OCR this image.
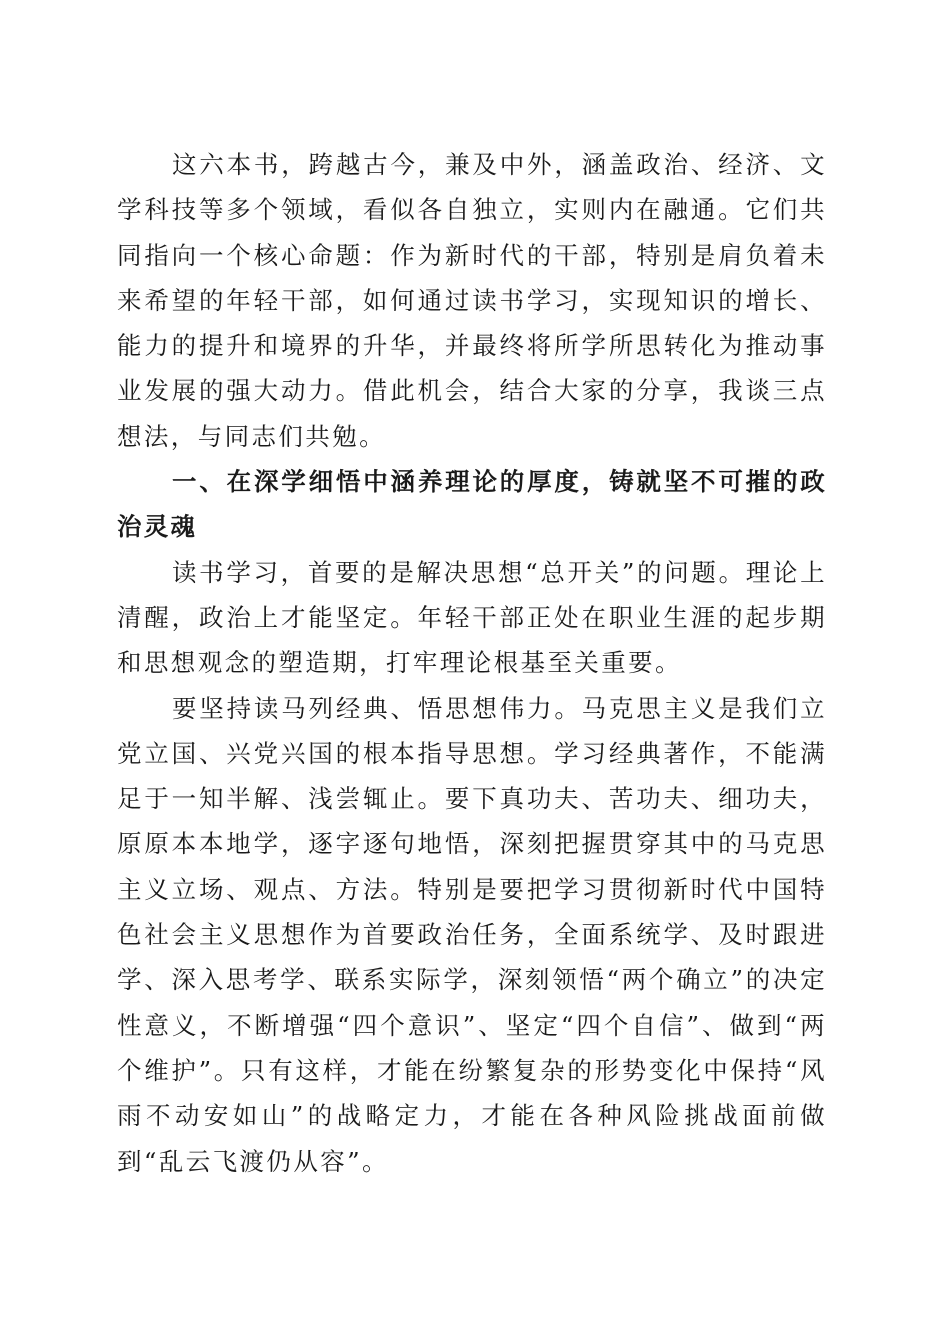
这六本书，跨越古今，兼及中外，涵盖政治、经济、文学科技等多个领域，看似各自独立，实则内在融通。它们共同指向一个核心命题：作为新时代的干部，特别是肩负着未来希望的年轻干部，如何通过读书学习，实现知识的增长、能力的提升和境界的升华，并最终将所学所思转化为推动事业发展的强大动力。借此机会，结合大家的分享，我谈三点想法，与同志们共勉。

一、在深学细悟中涵养理论的厚度，铸就坚不可摧的政治灵魂

读书学习，首要的是解决思想“总开关”的问题。理论上清醒，政治上才能坚定。年轻干部正处在职业生涯的起步期和思想观念的塑造期，打牢理论根基至关重要。

要坚持读马列经典、悟思想伟力。马克思主义是我们立党立国、兴党兴国的根本指导思想。学习经典著作，不能满足于一知半解、浅尝辄止。要下真功夫、苦功夫、细功夫，原原本本地学，逐字逐句地悟，深刻把握贯穿其中的马克思主义立场、观点、方法。特别是要把学习贯彻新时代中国特色社会主义思想作为首要政治任务，全面系统学、及时跟进学、深入思考学、联系实际学，深刻领悟“两个确立”的决定性意义，不断增强“四个意识”、坚定“四个自信”、做到“两个维护”。只有这样，才能在纷繁复杂的形势变化中保持“风雨不动安如山”的战略定力，才能在各种风险挑战面前做到“乱云飞渡仍从容”。
